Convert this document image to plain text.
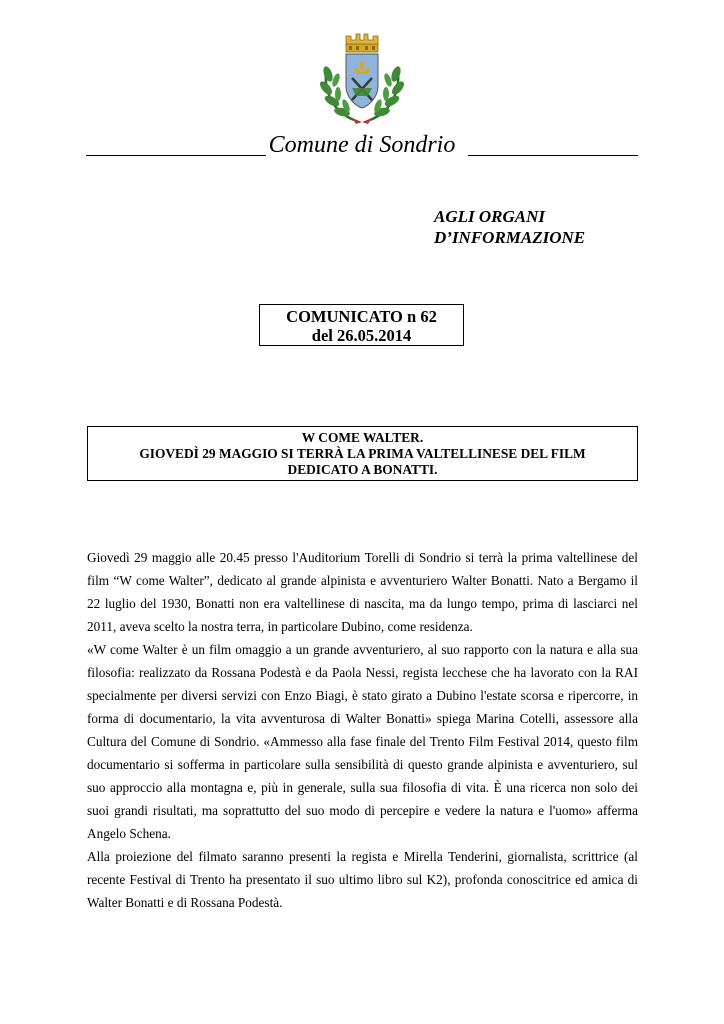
Comune di Sondrio
AGLI ORGANI
D’INFORMAZIONE
COMUNICATO n 62
del 26.05.2014
W COME WALTER.
GIOVEDÌ 29 MAGGIO SI TERRÀ LA PRIMA VALTELLINESE DEL FILM
DEDICATO A BONATTI.

Giovedì 29 maggio alle 20.45 presso l'Auditorium Torelli di Sondrio si terrà la prima valtellinese del film “W come Walter”, dedicato al grande alpinista e avventuriero Walter Bonatti. Nato a Bergamo il 22 luglio del 1930, Bonatti non era valtellinese di nascita, ma da lungo tempo, prima di lasciarci nel 2011, aveva scelto la nostra terra, in particolare Dubino, come residenza.

«W come Walter è un film omaggio a un grande avventuriero, al suo rapporto con la natura e alla sua filosofia: realizzato da Rossana Podestà e da Paola Nessi, regista lecchese che ha lavorato con la RAI specialmente per diversi servizi con Enzo Biagi, è stato girato a Dubino l'estate scorsa e ripercorre, in forma di documentario, la vita avventurosa di Walter Bonatti» spiega Marina Cotelli, assessore alla Cultura del Comune di Sondrio. «Ammesso alla fase finale del Trento Film Festival 2014, questo film documentario si sofferma in particolare sulla sensibilità di questo grande alpinista e avventuriero, sul suo approccio alla montagna e, più in generale, sulla sua filosofia di vita. È una ricerca non solo dei suoi grandi risultati, ma soprattutto del suo modo di percepire e vedere la natura e l'uomo» afferma Angelo Schena.

Alla proiezione del filmato saranno presenti la regista e Mirella Tenderini, giornalista, scrittrice (al recente Festival di Trento ha presentato il suo ultimo libro sul K2), profonda conoscitrice ed amica di Walter Bonatti e di Rossana Podestà.
